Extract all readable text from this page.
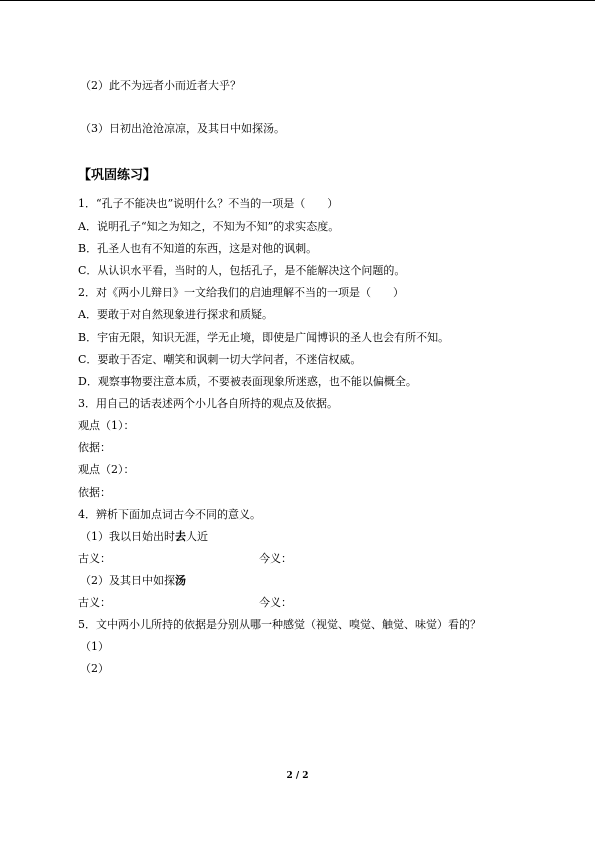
（2）此不为远者小而近者大乎？
（3）日初出沧沧凉凉，及其日中如探汤。
【巩固练习】
1．“孔子不能决也”说明什么？不当的一项是（　　）
A．说明孔子“知之为知之，不知为不知”的求实态度。
B．孔圣人也有不知道的东西，这是对他的讽刺。
C．从认识水平看，当时的人，包括孔子，是不能解决这个问题的。
2．对《两小儿辩日》一文给我们的启迪理解不当的一项是（　　）
A．要敢于对自然现象进行探求和质疑。
B．宇宙无限，知识无涯，学无止境，即使是广闻博识的圣人也会有所不知。
C．要敢于否定、嘲笑和讽刺一切大学问者，不迷信权威。
D．观察事物要注意本质，不要被表面现象所迷惑，也不能以偏概全。
3．用自己的话表述两个小儿各自所持的观点及依据。
观点（1）：
依据：
观点（2）：
依据：
4．辨析下面加点词古今不同的意义。
（1）我以日始出时去人近
古义：	今义：
（2）及其日中如探汤
古义：	今义：
5．文中两小儿所持的依据是分别从哪一种感觉（视觉、嗅觉、触觉、味觉）看的？
（1）
（2）
2 / 2
